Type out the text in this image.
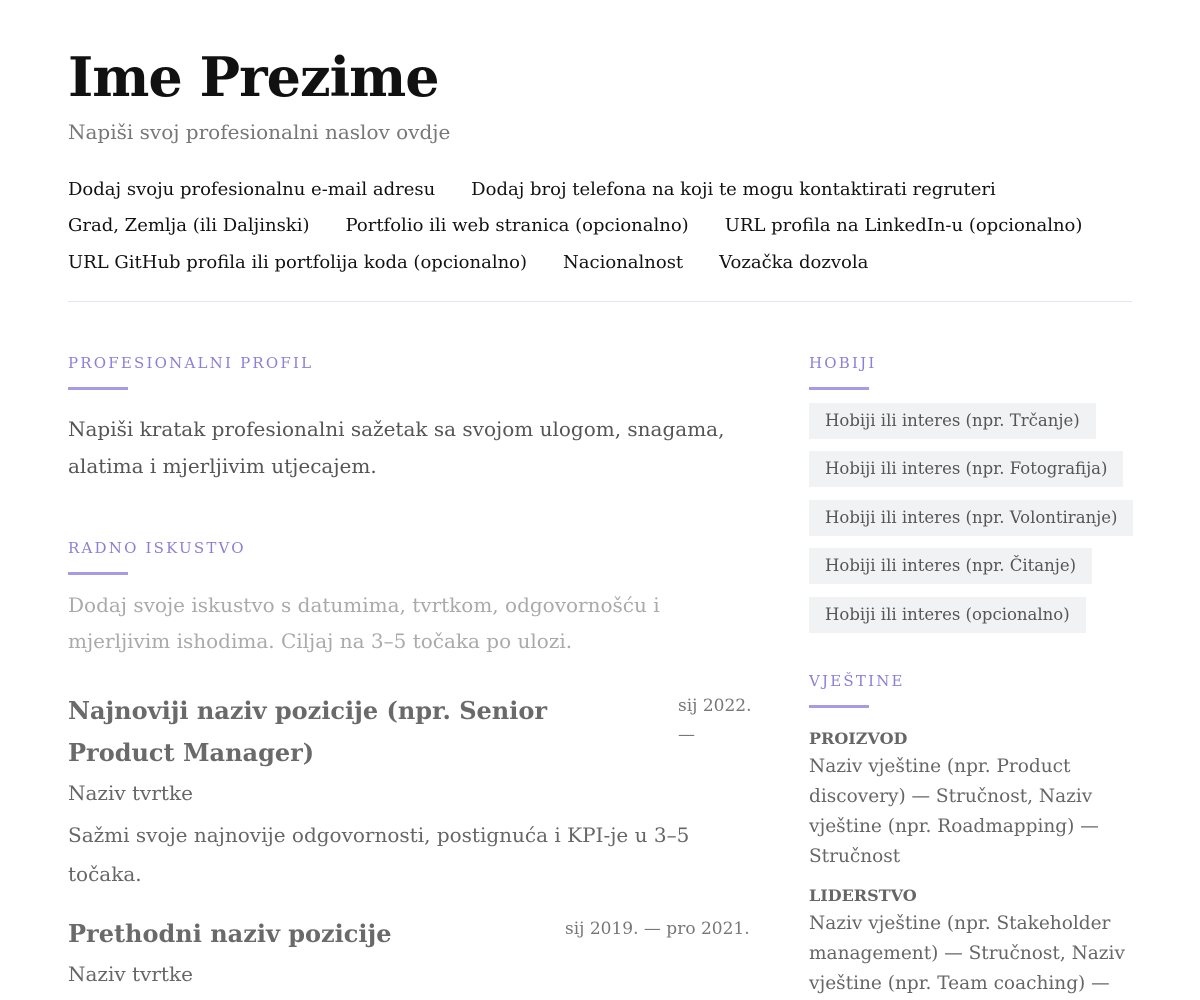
Ime Prezime
Napiši svoj profesionalni naslov ovdje
Dodaj svoju profesionalnu e-mail adresu Dodaj broj telefona na koji te mogu kontaktirati regruteri
Grad, Zemlja (ili Daljinski) Portfolio ili web stranica (opcionalno) URL profila na LinkedIn-u (opcionalno)
URL GitHub profila ili portfolija koda (opcionalno) Nacionalnost Vozačka dozvola
PROFESIONALNI PROFIL

Napiši kratak profesionalni sažetak sa svojom ulogom, snagama, alatima i mjerljivim utjecajem.

RADNO ISKUSTVO

Dodaj svoje iskustvo s datumima, tvrtkom, odgovornošću i mjerljivim ishodima. Ciljaj na 3–5 točaka po ulozi.

Najnoviji naziv pozicije (npr. Senior Product Manager)
sij 2022. —
Naziv tvrtke

Sažmi svoje najnovije odgovornosti, postignuća i KPI-je u 3–5 točaka.

Prethodni naziv pozicije	sij 2019. — pro 2021.
Naziv tvrtke
HOBIJI
Hobiji ili interes (npr. Trčanje)
Hobiji ili interes (npr. Fotografija)
Hobiji ili interes (npr. Volontiranje)
Hobiji ili interes (npr. Čitanje)
Hobiji ili interes (opcionalno)
VJEŠTINE
PROIZVOD

Naziv vještine (npr. Product discovery) — Stručnost, Naziv vještine (npr. Roadmapping) — Stručnost

LIDERSTVO

Naziv vještine (npr. Stakeholder management) — Stručnost, Naziv vještine (npr. Team coaching) —
